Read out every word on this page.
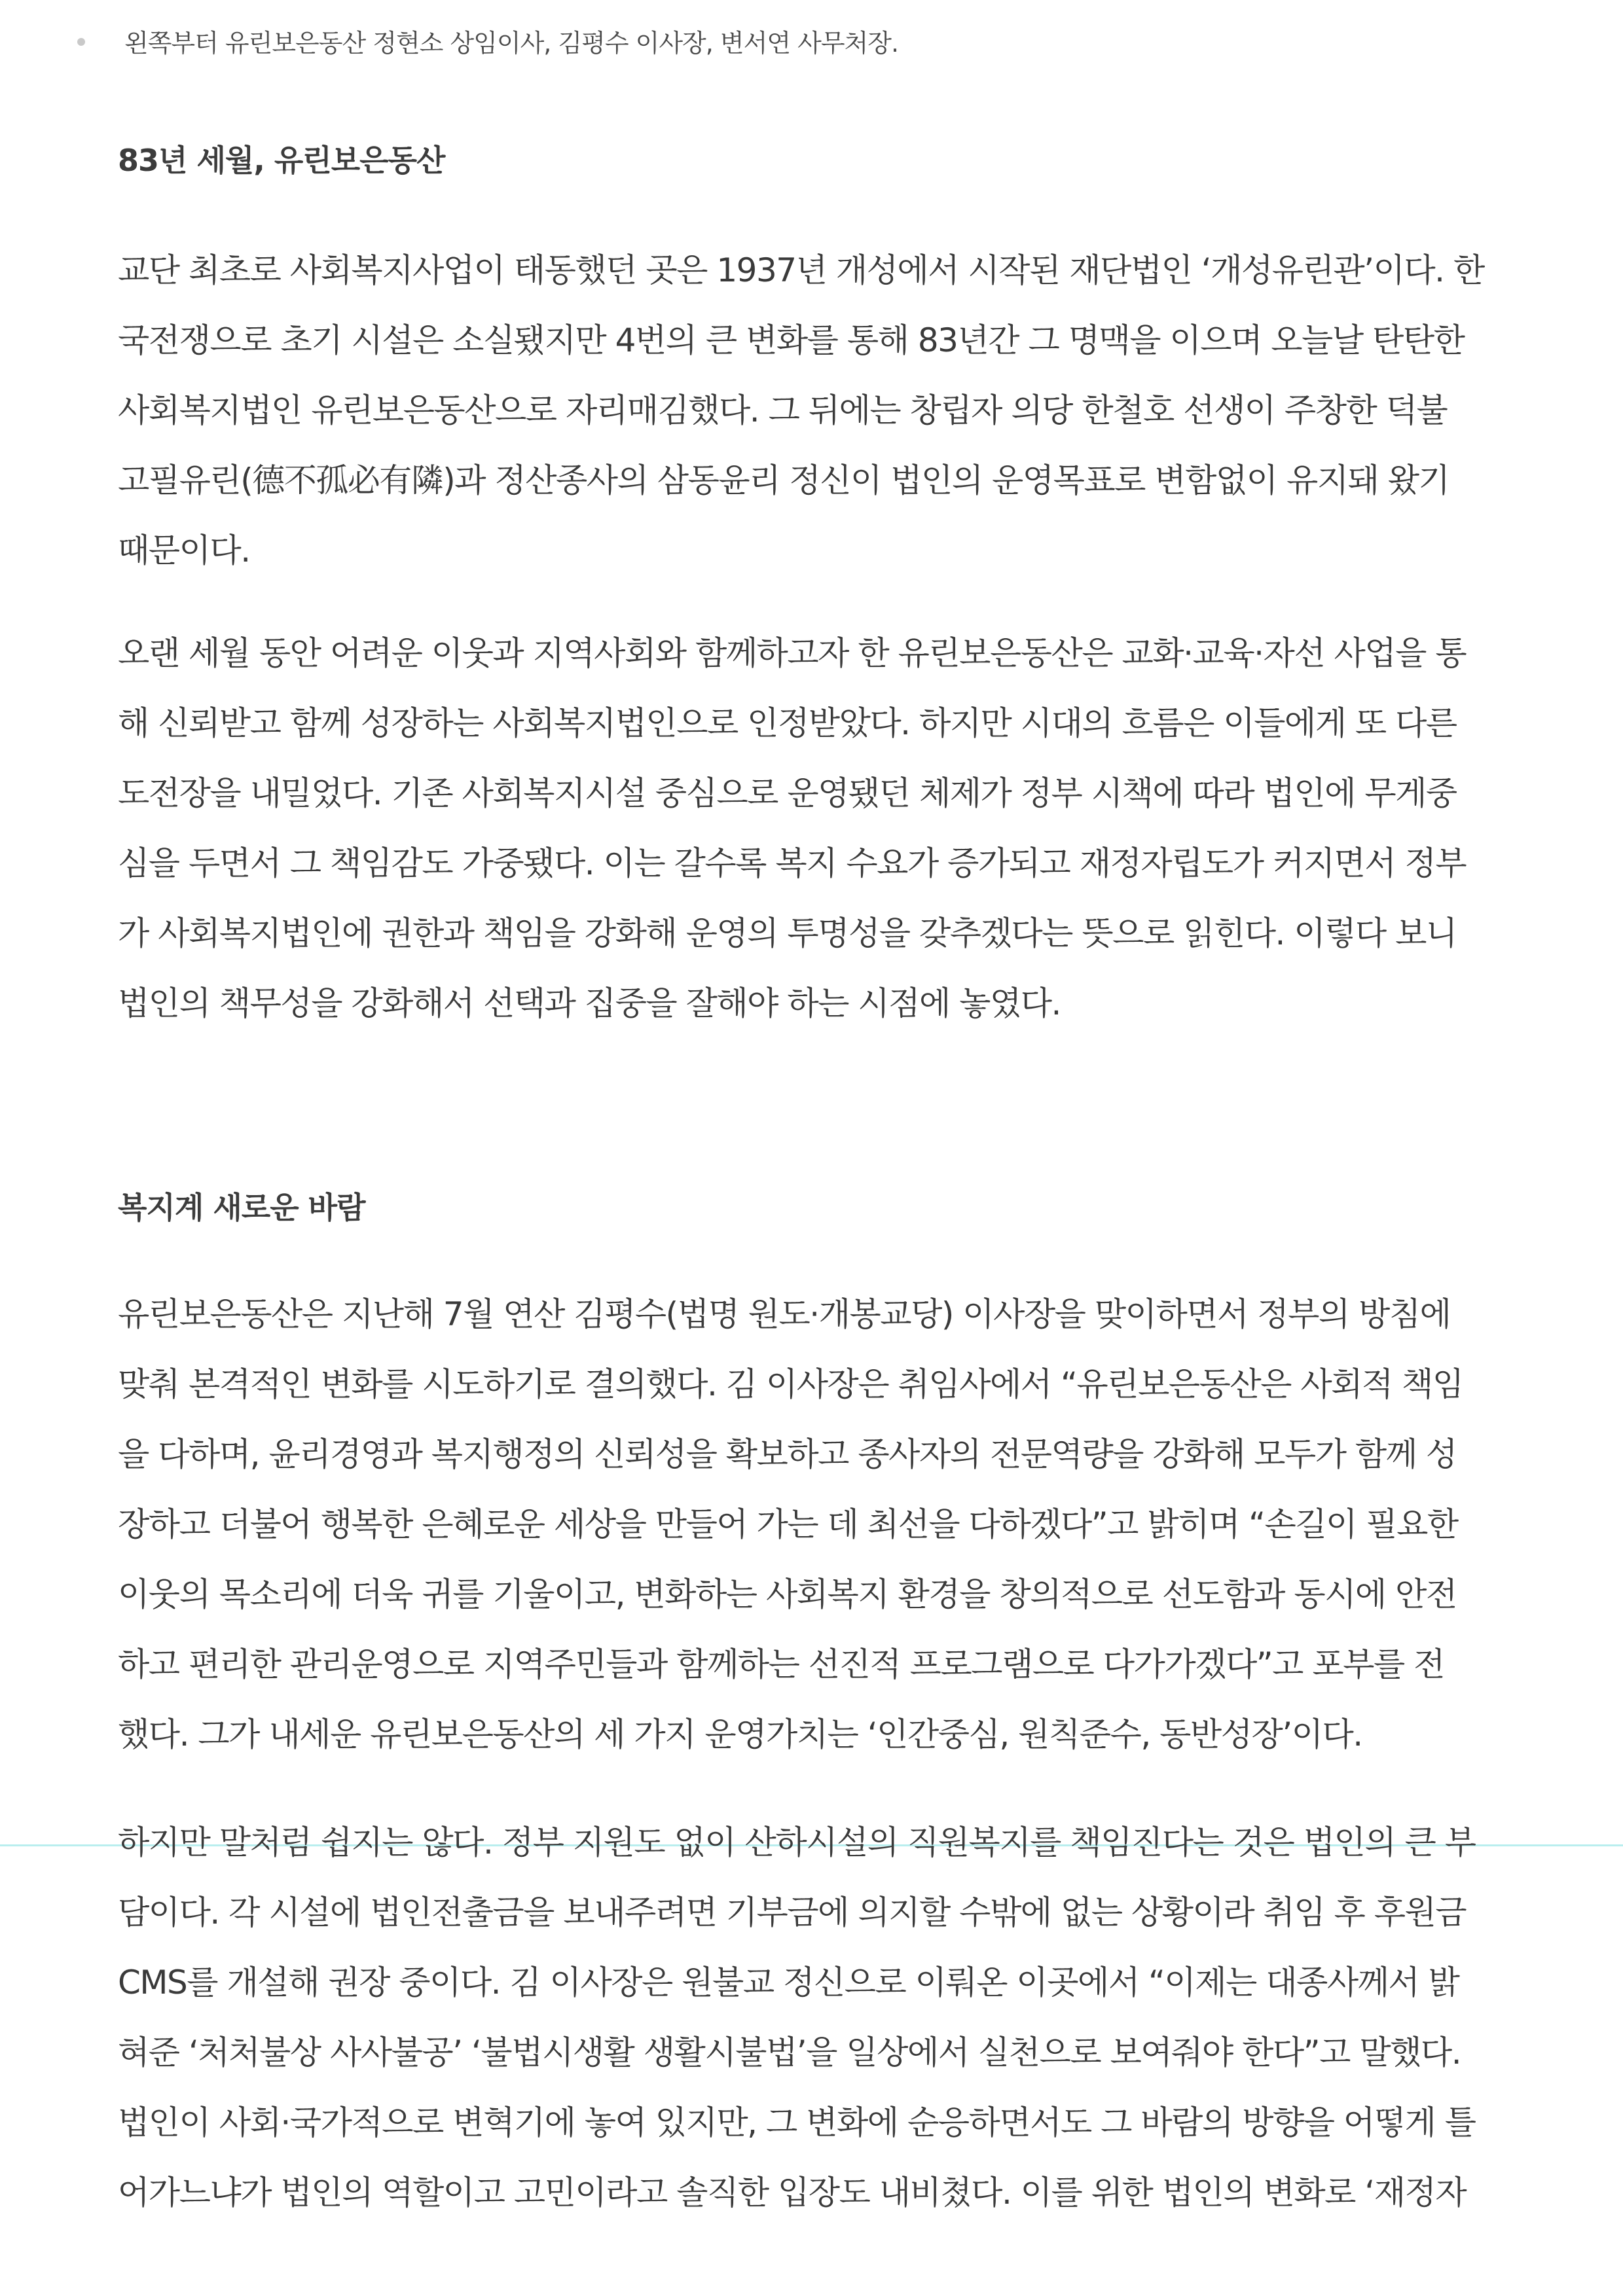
왼쪽부터 유린보은동산 정현소 상임이사, 김평수 이사장, 변서연 사무처장.
83년 세월, 유린보은동산
교단 최초로 사회복지사업이 태동했던 곳은 1937년 개성에서 시작된 재단법인 ‘개성유린관’이다. 한
국전쟁으로 초기 시설은 소실됐지만 4번의 큰 변화를 통해 83년간 그 명맥을 이으며 오늘날 탄탄한
사회복지법인 유린보은동산으로 자리매김했다. 그 뒤에는 창립자 의당 한철호 선생이 주창한 덕불
고필유린(德不孤必有隣)과 정산종사의 삼동윤리 정신이 법인의 운영목표로 변함없이 유지돼 왔기
때문이다.
오랜 세월 동안 어려운 이웃과 지역사회와 함께하고자 한 유린보은동산은 교화·교육·자선 사업을 통
해 신뢰받고 함께 성장하는 사회복지법인으로 인정받았다. 하지만 시대의 흐름은 이들에게 또 다른
도전장을 내밀었다. 기존 사회복지시설 중심으로 운영됐던 체제가 정부 시책에 따라 법인에 무게중
심을 두면서 그 책임감도 가중됐다. 이는 갈수록 복지 수요가 증가되고 재정자립도가 커지면서 정부
가 사회복지법인에 권한과 책임을 강화해 운영의 투명성을 갖추겠다는 뜻으로 읽힌다. 이렇다 보니
법인의 책무성을 강화해서 선택과 집중을 잘해야 하는 시점에 놓였다.
복지계 새로운 바람
유린보은동산은 지난해 7월 연산 김평수(법명 원도·개봉교당) 이사장을 맞이하면서 정부의 방침에
맞춰 본격적인 변화를 시도하기로 결의했다. 김 이사장은 취임사에서 “유린보은동산은 사회적 책임
을 다하며, 윤리경영과 복지행정의 신뢰성을 확보하고 종사자의 전문역량을 강화해 모두가 함께 성
장하고 더불어 행복한 은혜로운 세상을 만들어 가는 데 최선을 다하겠다”고 밝히며 “손길이 필요한
이웃의 목소리에 더욱 귀를 기울이고, 변화하는 사회복지 환경을 창의적으로 선도함과 동시에 안전
하고 편리한 관리운영으로 지역주민들과 함께하는 선진적 프로그램으로 다가가겠다”고 포부를 전
했다. 그가 내세운 유린보은동산의 세 가지 운영가치는 ‘인간중심, 원칙준수, 동반성장’이다.
하지만 말처럼 쉽지는 않다. 정부 지원도 없이 산하시설의 직원복지를 책임진다는 것은 법인의 큰 부
담이다. 각 시설에 법인전출금을 보내주려면 기부금에 의지할 수밖에 없는 상황이라 취임 후 후원금
CMS를 개설해 권장 중이다. 김 이사장은 원불교 정신으로 이뤄온 이곳에서 “이제는 대종사께서 밝
혀준 ‘처처불상 사사불공’ ‘불법시생활 생활시불법’을 일상에서 실천으로 보여줘야 한다”고 말했다.
법인이 사회·국가적으로 변혁기에 놓여 있지만, 그 변화에 순응하면서도 그 바람의 방향을 어떻게 틀
어가느냐가 법인의 역할이고 고민이라고 솔직한 입장도 내비쳤다. 이를 위한 법인의 변화로 ‘재정자
